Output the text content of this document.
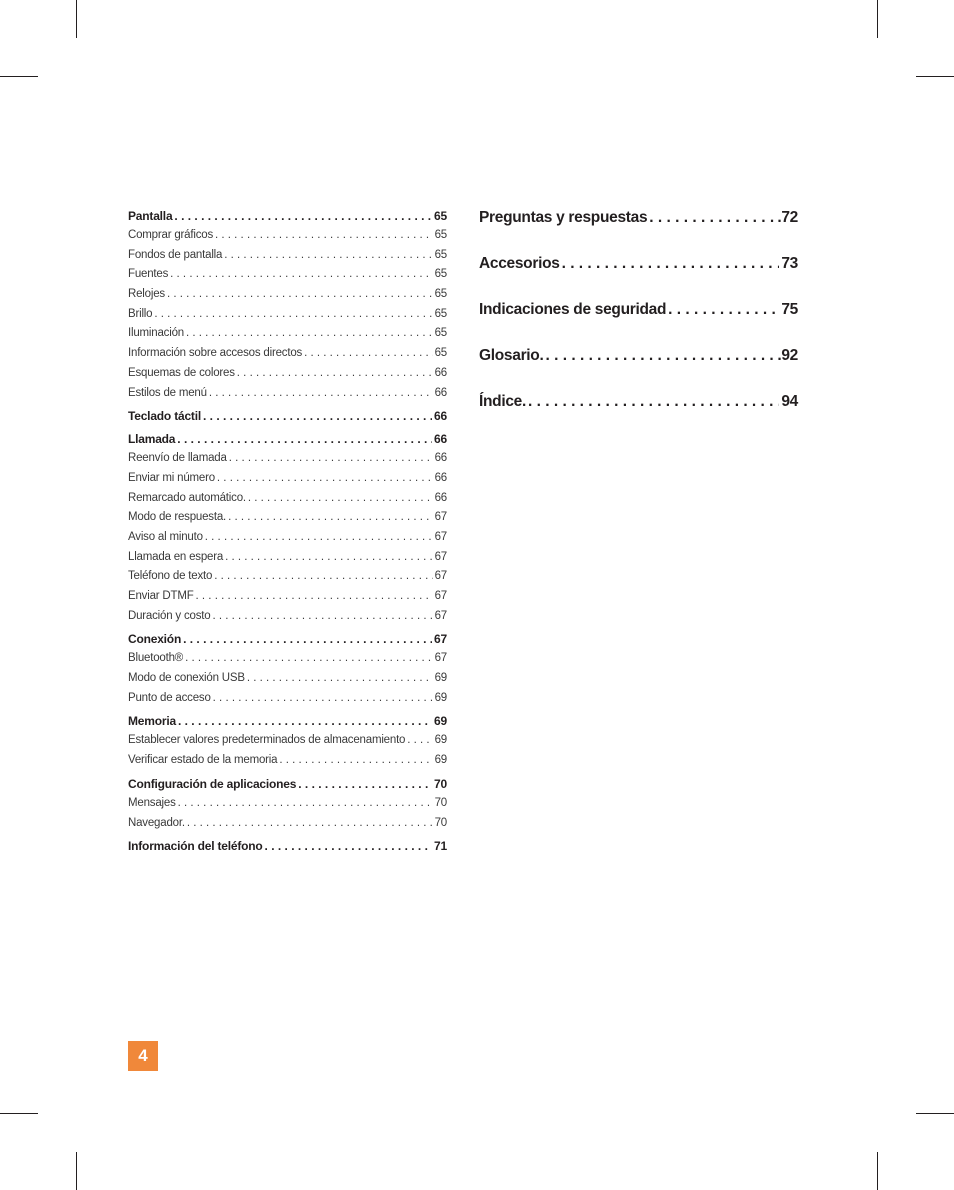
Pantalla . . .	65
Comprar gráficos . . .	65
Fondos de pantalla . . .	65
Fuentes . . .	65
Relojes . . .	65
Brillo . . .	65
Iluminación . . .	65
Información sobre accesos directos . . .	65
Esquemas de colores . . .	66
Estilos de menú . . .	66
Teclado táctil . . .	66
Llamada . . .	66
Reenvío de llamada . . .	66
Enviar mi número . . .	66
Remarcado automático. . . .	66
Modo de respuesta. . . .	67
Aviso al minuto . . .	67
Llamada en espera . . .	67
Teléfono de texto . . .	67
Enviar DTMF . . .	67
Duración y costo . . .	67
Conexión . . .	67
Bluetooth® . . .	67
Modo de conexión USB . . .	69
Punto de acceso . . .	69
Memoria . . .	69
Establecer valores predeterminados de almacenamiento . . .	69
Verificar estado de la memoria . . .	69
Configuración de aplicaciones . . .	70
Mensajes . . .	70
Navegador. . . .	70
Información del teléfono . . .	71
Preguntas y respuestas . . .	.72
Accesorios . . .	73
Indicaciones de seguridad . . .	75
Glosario. . . .	.92
Índice. . . .	94
4
